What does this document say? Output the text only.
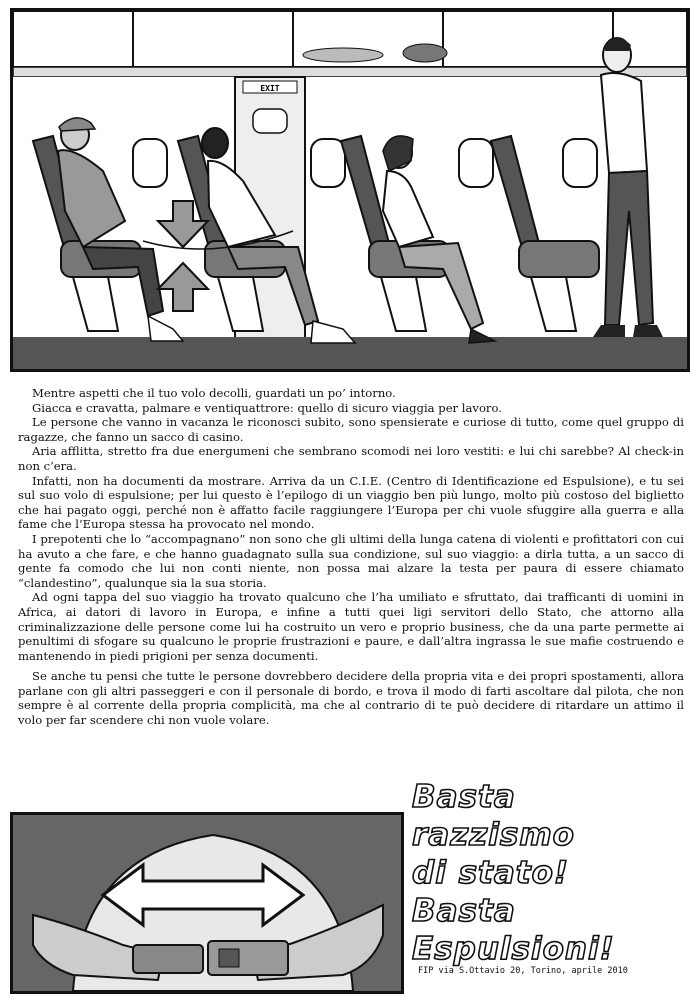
EXIT

Mentre aspetti che il tuo volo decolli, guardati un po’ intorno.

Giacca e cravatta, palmare e ventiquattrore: quello di sicuro viaggia per lavoro.

Le persone che vanno in vacanza le riconosci subito, sono spensierate e curiose di tutto, come quel gruppo di ragazze, che fanno un sacco di casino.

Aria afflitta, stretto fra due energumeni che sembrano scomodi nei loro vestiti: e lui chi sarebbe? Al check-in non c’era.

Infatti, non ha documenti da mostrare. Arriva da un C.I.E. (Centro di Identificazione ed Espulsione), e tu sei sul suo volo di espulsione; per lui questo è l’epilogo di un viaggio ben più lungo, molto più costoso del biglietto che hai pagato oggi, perché non è affatto facile raggiungere l’Europa per chi vuole sfuggire alla guerra e alla fame che l’Europa stessa ha provocato nel mondo.

I prepotenti che lo “accompagnano” non sono che gli ultimi della lunga catena di violenti e profittatori con cui ha avuto a che fare, e che hanno guadagnato sulla sua condizione, sul suo viaggio: a dirla tutta, a un sacco di gente fa comodo che lui non conti niente, non possa mai alzare la testa per paura di essere chiamato “clandestino”, qualunque sia la sua storia.

Ad ogni tappa del suo viaggio ha trovato qualcuno che l’ha umiliato e sfruttato, dai trafficanti di uomini in Africa, ai datori di lavoro in Europa, e infine a tutti quei ligi servitori dello Stato, che attorno alla criminalizzazione delle persone come lui ha costruito un vero e proprio business, che da una parte permette ai penultimi di sfogare su qualcuno le proprie frustrazioni e paure, e dall’altra ingrassa le sue mafie costruendo e mantenendo in piedi prigioni per senza documenti.

Se anche tu pensi che tutte le persone dovrebbero decidere della propria vita e dei propri spostamenti, allora parlane con gli altri passeggeri e con il personale di bordo, e trova il modo di farti ascoltare dal pilota, che non sempre è al corrente della propria complicità, ma che al contrario di te può decidere di ritardare un attimo il volo per far scendere chi non vuole volare.

Basta
razzismo
di stato!
Basta
Espulsioni!
FIP via S.Ottavio 20, Torino, aprile 2010
